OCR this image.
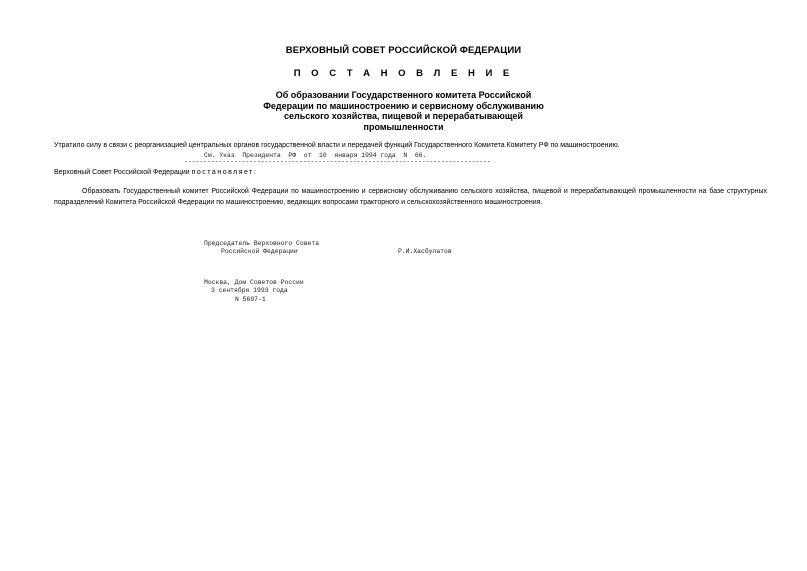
ВЕРХОВНЫЙ СОВЕТ РОССИЙСКОЙ ФЕДЕРАЦИИ
П О С Т А Н О В Л Е Н И Е
Об образовании Государственного комитета Российской
Федерации по машиностроению и сервисному обслуживанию
сельского хозяйства, пищевой и перерабатывающей
промышленности
Утратило силу в связи с реорганизацией центральных органов государственной власти и передачей функций Государственного Комитета Комитету РФ по машиностроению.
См. Указ  Президента  РФ  от  10  января 1994 года  N  66.
--------------------------------------------------------------------------------
Верховный Совет Российской Федерации постановляет:
Образовать Государственный комитет Российской Федерации по машиностроению и сервисному обслуживанию сельского хозяйства, пищевой и перерабатывающей промышленности на базе структурных подразделений Комитета Российской Федерации по машиностроению, ведающих вопросами тракторного и сельскохозяйственного машиностроения.
Председатель Верховного Совета
Российской Федерации	Р.И.Хасбулатов
Москва, Дом Советов России
3 сентября 1993 года
N 5697-1
